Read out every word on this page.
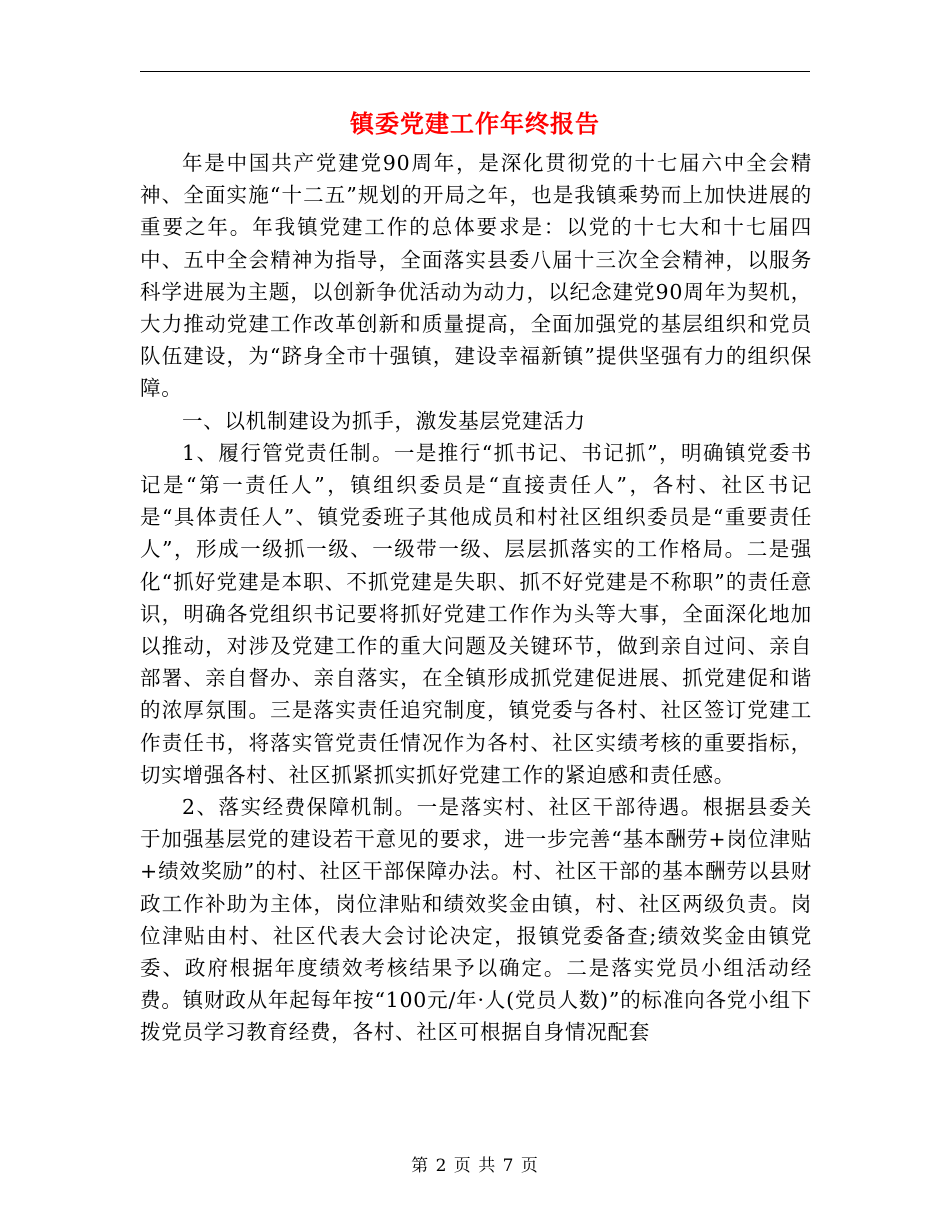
镇委党建工作年终报告

年是中国共产党建党90周年，是深化贯彻党的十七届六中全会精神、全面实施“十二五”规划的开局之年，也是我镇乘势而上加快进展的重要之年。年我镇党建工作的总体要求是：以党的十七大和十七届四中、五中全会精神为指导，全面落实县委八届十三次全会精神，以服务科学进展为主题，以创新争优活动为动力，以纪念建党90周年为契机，大力推动党建工作改革创新和质量提高，全面加强党的基层组织和党员队伍建设，为“跻身全市十强镇，建设幸福新镇”提供坚强有力的组织保障。

一、以机制建设为抓手，激发基层党建活力

1、履行管党责任制。一是推行“抓书记、书记抓”，明确镇党委书记是“第一责任人”，镇组织委员是“直接责任人”，各村、社区书记是“具体责任人”、镇党委班子其他成员和村社区组织委员是“重要责任人”，形成一级抓一级、一级带一级、层层抓落实的工作格局。二是强化“抓好党建是本职、不抓党建是失职、抓不好党建是不称职”的责任意识，明确各党组织书记要将抓好党建工作作为头等大事，全面深化地加以推动，对涉及党建工作的重大问题及关键环节，做到亲自过问、亲自部署、亲自督办、亲自落实，在全镇形成抓党建促进展、抓党建促和谐的浓厚氛围。三是落实责任追究制度，镇党委与各村、社区签订党建工作责任书，将落实管党责任情况作为各村、社区实绩考核的重要指标，切实增强各村、社区抓紧抓实抓好党建工作的紧迫感和责任感。

2、落实经费保障机制。一是落实村、社区干部待遇。根据县委关于加强基层党的建设若干意见的要求，进一步完善“基本酬劳+岗位津贴+绩效奖励”的村、社区干部保障办法。村、社区干部的基本酬劳以县财政工作补助为主体，岗位津贴和绩效奖金由镇，村、社区两级负责。岗位津贴由村、社区代表大会讨论决定，报镇党委备查;绩效奖金由镇党委、政府根据年度绩效考核结果予以确定。二是落实党员小组活动经费。镇财政从年起每年按“100元/年·人(党员人数)”的标准向各党小组下拨党员学习教育经费，各村、社区可根据自身情况配套

第 2 页 共 7 页
